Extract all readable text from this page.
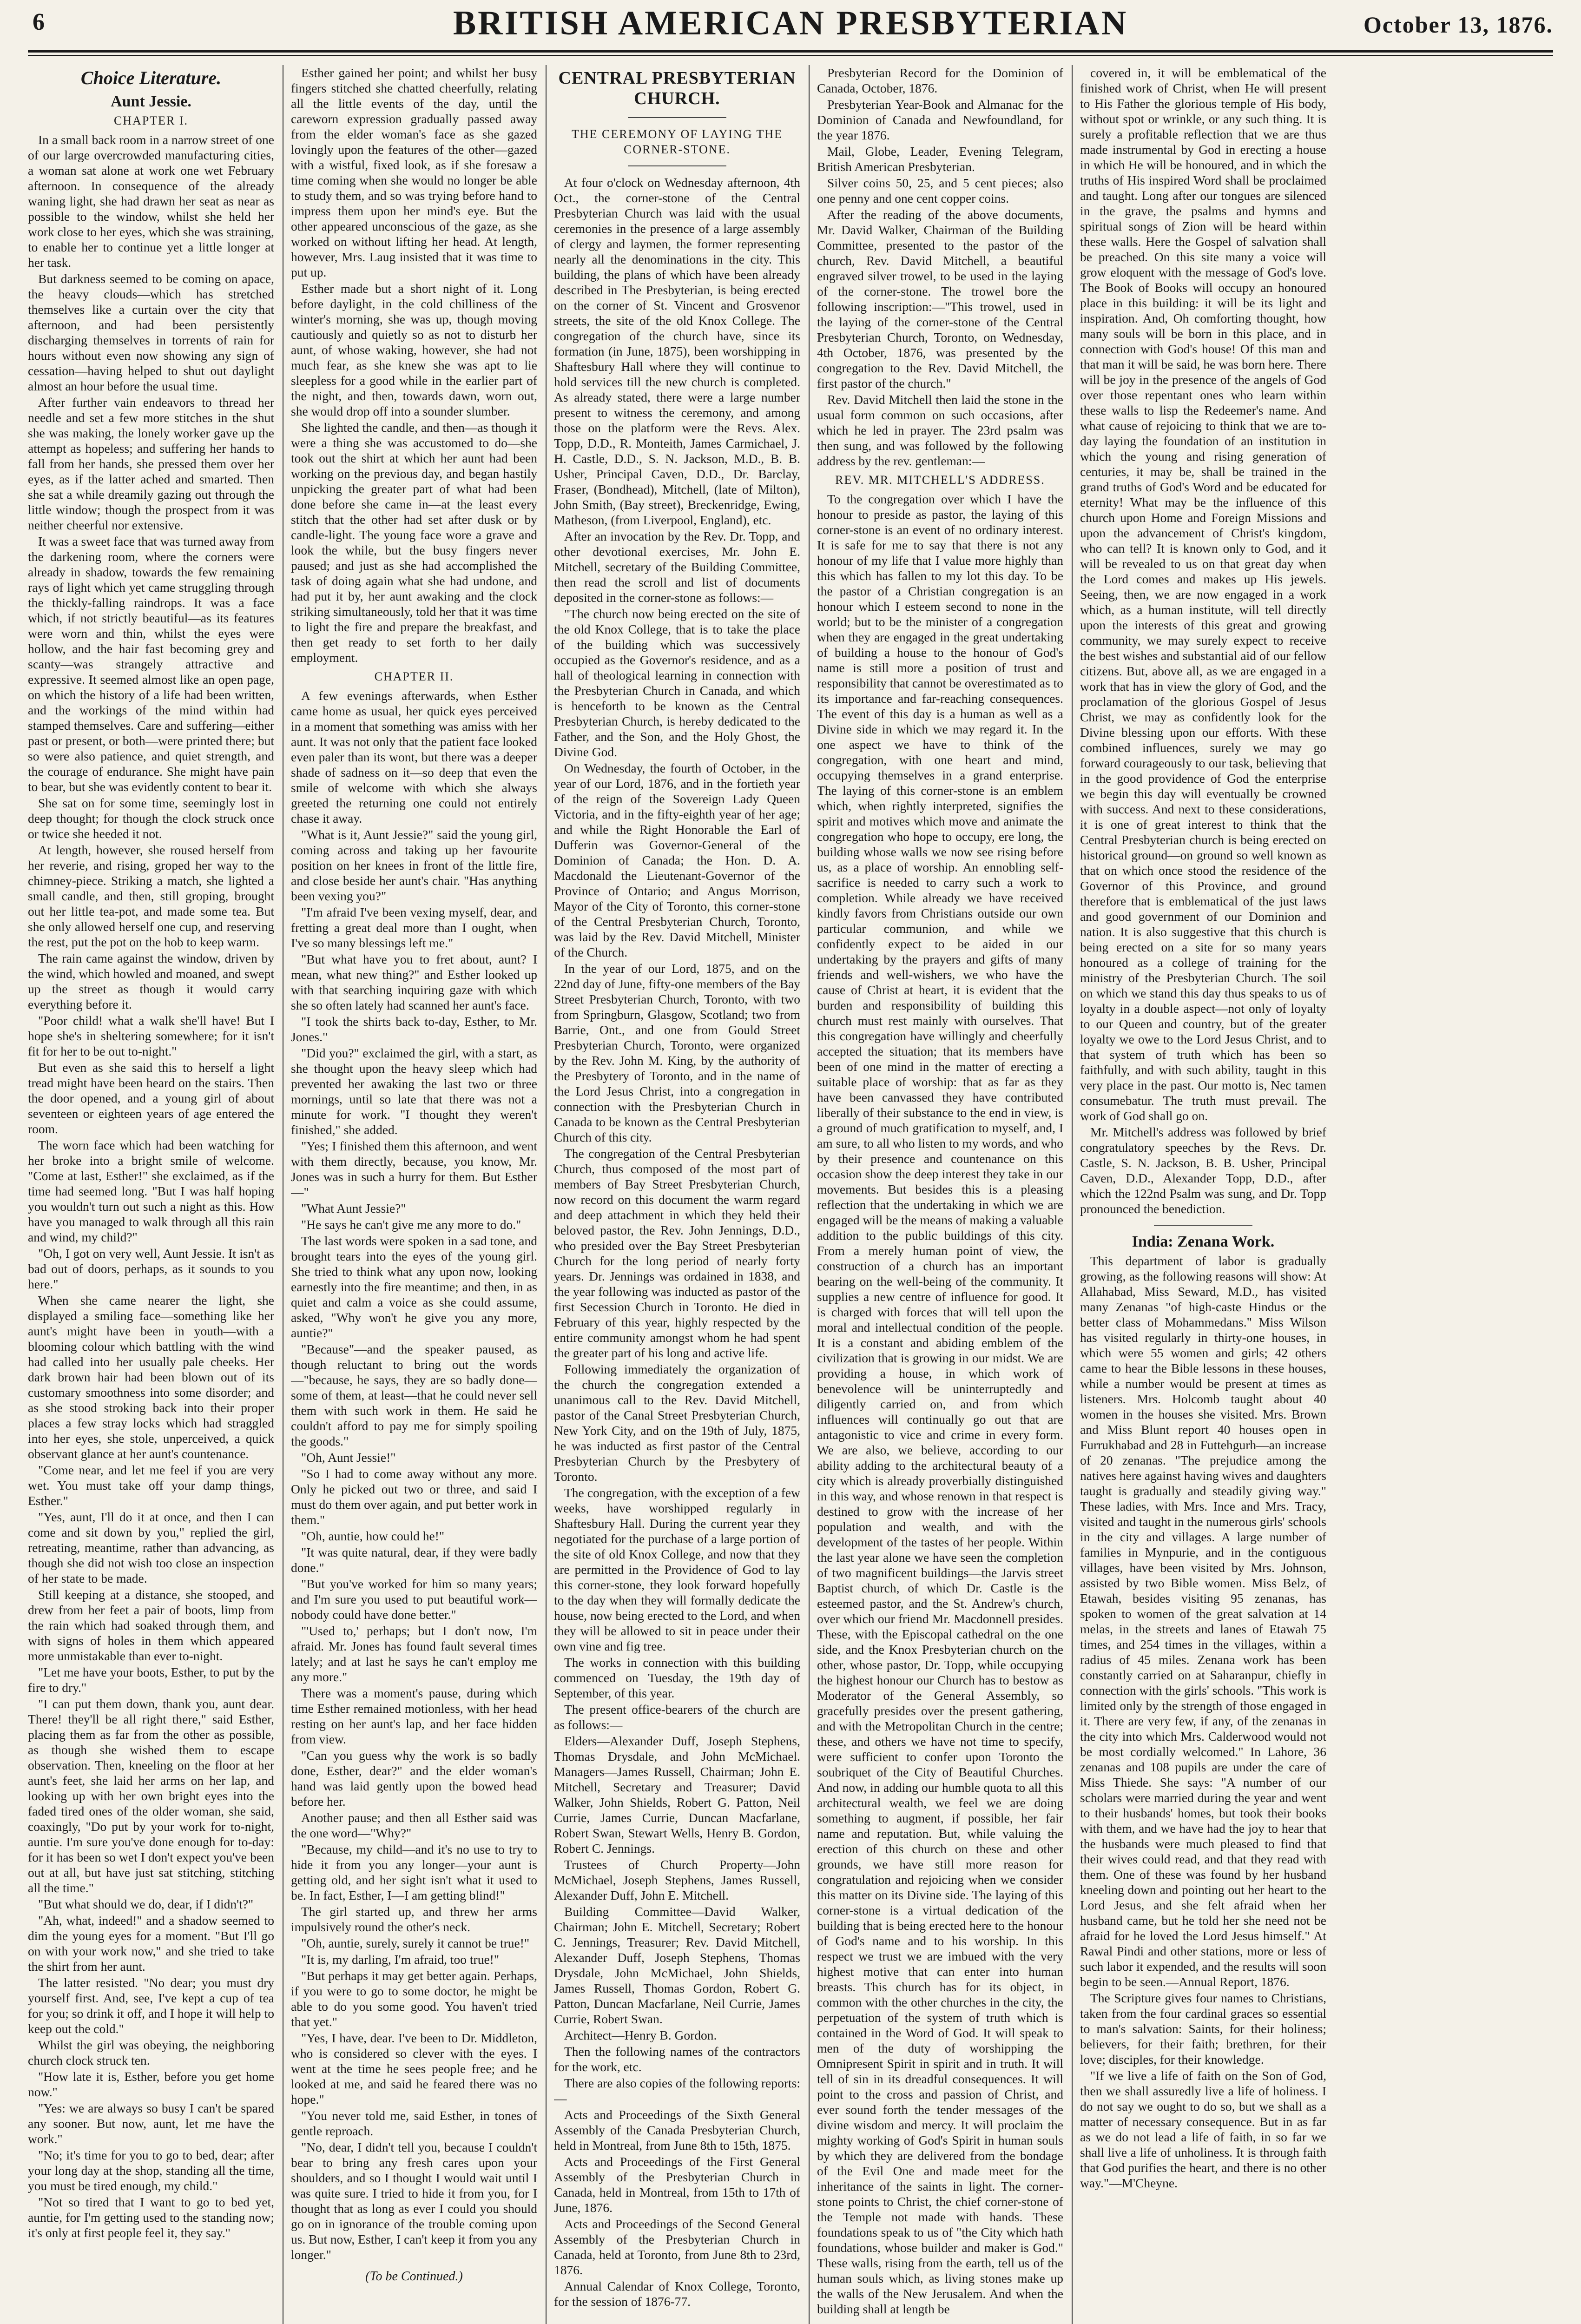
6	BRITISH AMERICAN PRESBYTERIAN	October 13, 1876.
Choice Literature.
Aunt Jessie.
CHAPTER I.

In a small back room in a narrow street of one of our large overcrowded manufacturing cities, a woman sat alone at work one wet February afternoon. In consequence of the already waning light, she had drawn her seat as near as possible to the window, whilst she held her work close to her eyes, which she was straining, to enable her to continue yet a little longer at her task.

But darkness seemed to be coming on apace, the heavy clouds—which has stretched themselves like a curtain over the city that afternoon, and had been persistently discharging themselves in torrents of rain for hours without even now showing any sign of cessation—having helped to shut out daylight almost an hour before the usual time.

After further vain endeavors to thread her needle and set a few more stitches in the shut she was making, the lonely worker gave up the attempt as hopeless; and suffering her hands to fall from her hands, she pressed them over her eyes, as if the latter ached and smarted. Then she sat a while dreamily gazing out through the little window; though the prospect from it was neither cheerful nor extensive.

It was a sweet face that was turned away from the darkening room, where the corners were already in shadow, towards the few remaining rays of light which yet came struggling through the thickly-falling raindrops. It was a face which, if not strictly beautiful—as its features were worn and thin, whilst the eyes were hollow, and the hair fast becoming grey and scanty—was strangely attractive and expressive. It seemed almost like an open page, on which the history of a life had been written, and the workings of the mind within had stamped themselves. Care and suffering—either past or present, or both—were printed there; but so were also patience, and quiet strength, and the courage of endurance. She might have pain to bear, but she was evidently content to bear it.

She sat on for some time, seemingly lost in deep thought; for though the clock struck once or twice she heeded it not.

At length, however, she roused herself from her reverie, and rising, groped her way to the chimney-piece. Striking a match, she lighted a small candle, and then, still groping, brought out her little tea-pot, and made some tea. But she only allowed herself one cup, and reserving the rest, put the pot on the hob to keep warm.

The rain came against the window, driven by the wind, which howled and moaned, and swept up the street as though it would carry everything before it.

"Poor child! what a walk she'll have! But I hope she's in sheltering somewhere; for it isn't fit for her to be out to-night."

But even as she said this to herself a light tread might have been heard on the stairs. Then the door opened, and a young girl of about seventeen or eighteen years of age entered the room.

The worn face which had been watching for her broke into a bright smile of welcome. "Come at last, Esther!" she exclaimed, as if the time had seemed long. "But I was half hoping you wouldn't turn out such a night as this. How have you managed to walk through all this rain and wind, my child?"

"Oh, I got on very well, Aunt Jessie. It isn't as bad out of doors, perhaps, as it sounds to you here."

When she came nearer the light, she displayed a smiling face—something like her aunt's might have been in youth—with a blooming colour which battling with the wind had called into her usually pale cheeks. Her dark brown hair had been blown out of its customary smoothness into some disorder; and as she stood stroking back into their proper places a few stray locks which had straggled into her eyes, she stole, unperceived, a quick observant glance at her aunt's countenance.

"Come near, and let me feel if you are very wet. You must take off your damp things, Esther."

"Yes, aunt, I'll do it at once, and then I can come and sit down by you," replied the girl, retreating, meantime, rather than advancing, as though she did not wish too close an inspection of her state to be made.

Still keeping at a distance, she stooped, and drew from her feet a pair of boots, limp from the rain which had soaked through them, and with signs of holes in them which appeared more unmistakable than ever to-night.

"Let me have your boots, Esther, to put by the fire to dry."

"I can put them down, thank you, aunt dear. There! they'll be all right there," said Esther, placing them as far from the other as possible, as though she wished them to escape observation. Then, kneeling on the floor at her aunt's feet, she laid her arms on her lap, and looking up with her own bright eyes into the faded tired ones of the older woman, she said, coaxingly, "Do put by your work for to-night, auntie. I'm sure you've done enough for to-day: for it has been so wet I don't expect you've been out at all, but have just sat stitching, stitching all the time."

"But what should we do, dear, if I didn't?"

"Ah, what, indeed!" and a shadow seemed to dim the young eyes for a moment. "But I'll go on with your work now," and she tried to take the shirt from her aunt.

The latter resisted. "No dear; you must dry yourself first. And, see, I've kept a cup of tea for you; so drink it off, and I hope it will help to keep out the cold."

Whilst the girl was obeying, the neighboring church clock struck ten.

"How late it is, Esther, before you get home now."

"Yes: we are always so busy I can't be spared any sooner. But now, aunt, let me have the work."

"No; it's time for you to go to bed, dear; after your long day at the shop, standing all the time, you must be tired enough, my child."

"Not so tired that I want to go to bed yet, auntie, for I'm getting used to the standing now; it's only at first people feel it, they say."

Esther gained her point; and whilst her busy fingers stitched she chatted cheerfully, relating all the little events of the day, until the careworn expression gradually passed away from the elder woman's face as she gazed lovingly upon the features of the other—gazed with a wistful, fixed look, as if she foresaw a time coming when she would no longer be able to study them, and so was trying before hand to impress them upon her mind's eye. But the other appeared unconscious of the gaze, as she worked on without lifting her head. At length, however, Mrs. Laug insisted that it was time to put up.

Esther made but a short night of it. Long before daylight, in the cold chilliness of the winter's morning, she was up, though moving cautiously and quietly so as not to disturb her aunt, of whose waking, however, she had not much fear, as she knew she was apt to lie sleepless for a good while in the earlier part of the night, and then, towards dawn, worn out, she would drop off into a sounder slumber.

She lighted the candle, and then—as though it were a thing she was accustomed to do—she took out the shirt at which her aunt had been working on the previous day, and began hastily unpicking the greater part of what had been done before she came in—at the least every stitch that the other had set after dusk or by candle-light. The young face wore a grave and look the while, but the busy fingers never paused; and just as she had accomplished the task of doing again what she had undone, and had put it by, her aunt awaking and the clock striking simultaneously, told her that it was time to light the fire and prepare the breakfast, and then get ready to set forth to her daily employment.

CHAPTER II.

A few evenings afterwards, when Esther came home as usual, her quick eyes perceived in a moment that something was amiss with her aunt. It was not only that the patient face looked even paler than its wont, but there was a deeper shade of sadness on it—so deep that even the smile of welcome with which she always greeted the returning one could not entirely chase it away.

"What is it, Aunt Jessie?" said the young girl, coming across and taking up her favourite position on her knees in front of the little fire, and close beside her aunt's chair. "Has anything been vexing you?"

"I'm afraid I've been vexing myself, dear, and fretting a great deal more than I ought, when I've so many blessings left me."

"But what have you to fret about, aunt? I mean, what new thing?" and Esther looked up with that searching inquiring gaze with which she so often lately had scanned her aunt's face.

"I took the shirts back to-day, Esther, to Mr. Jones."

"Did you?" exclaimed the girl, with a start, as she thought upon the heavy sleep which had prevented her awaking the last two or three mornings, until so late that there was not a minute for work. "I thought they weren't finished," she added.

"Yes; I finished them this afternoon, and went with them directly, because, you know, Mr. Jones was in such a hurry for them. But Esther—"

"What Aunt Jessie?"

"He says he can't give me any more to do."

The last words were spoken in a sad tone, and brought tears into the eyes of the young girl. She tried to think what any upon now, looking earnestly into the fire meantime; and then, in as quiet and calm a voice as she could assume, asked, "Why won't he give you any more, auntie?"

"Because"—and the speaker paused, as though reluctant to bring out the words—"because, he says, they are so badly done—some of them, at least—that he could never sell them with such work in them. He said he couldn't afford to pay me for simply spoiling the goods."

"Oh, Aunt Jessie!"

"So I had to come away without any more. Only he picked out two or three, and said I must do them over again, and put better work in them."

"Oh, auntie, how could he!"

"It was quite natural, dear, if they were badly done."

"But you've worked for him so many years; and I'm sure you used to put beautiful work—nobody could have done better."

"'Used to,' perhaps; but I don't now, I'm afraid. Mr. Jones has found fault several times lately; and at last he says he can't employ me any more."

There was a moment's pause, during which time Esther remained motionless, with her head resting on her aunt's lap, and her face hidden from view.

"Can you guess why the work is so badly done, Esther, dear?" and the elder woman's hand was laid gently upon the bowed head before her.

Another pause; and then all Esther said was the one word—"Why?"

"Because, my child—and it's no use to try to hide it from you any longer—your aunt is getting old, and her sight isn't what it used to be. In fact, Esther, I—I am getting blind!"

The girl started up, and threw her arms impulsively round the other's neck.

"Oh, auntie, surely, surely it cannot be true!"

"It is, my darling, I'm afraid, too true!"

"But perhaps it may get better again. Perhaps, if you were to go to some doctor, he might be able to do you some good. You haven't tried that yet."

"Yes, I have, dear. I've been to Dr. Middleton, who is considered so clever with the eyes. I went at the time he sees people free; and he looked at me, and said he feared there was no hope."

"You never told me, said Esther, in tones of gentle reproach.

"No, dear, I didn't tell you, because I couldn't bear to bring any fresh cares upon your shoulders, and so I thought I would wait until I was quite sure. I tried to hide it from you, for I thought that as long as ever I could you should go on in ignorance of the trouble coming upon us. But now, Esther, I can't keep it from you any longer."

(To be Continued.)
CENTRAL PRESBYTERIAN CHURCH.
THE CEREMONY OF LAYING THE CORNER-STONE.

At four o'clock on Wednesday afternoon, 4th Oct., the corner-stone of the Central Presbyterian Church was laid with the usual ceremonies in the presence of a large assembly of clergy and laymen, the former representing nearly all the denominations in the city. This building, the plans of which have been already described in The Presbyterian, is being erected on the corner of St. Vincent and Grosvenor streets, the site of the old Knox College. The congregation of the church have, since its formation (in June, 1875), been worshipping in Shaftesbury Hall where they will continue to hold services till the new church is completed. As already stated, there were a large number present to witness the ceremony, and among those on the platform were the Revs. Alex. Topp, D.D., R. Monteith, James Carmichael, J. H. Castle, D.D., S. N. Jackson, M.D., B. B. Usher, Principal Caven, D.D., Dr. Barclay, Fraser, (Bondhead), Mitchell, (late of Milton), John Smith, (Bay street), Breckenridge, Ewing, Matheson, (from Liverpool, England), etc.

After an invocation by the Rev. Dr. Topp, and other devotional exercises, Mr. John E. Mitchell, secretary of the Building Committee, then read the scroll and list of documents deposited in the corner-stone as follows:—

"The church now being erected on the site of the old Knox College, that is to take the place of the building which was successively occupied as the Governor's residence, and as a hall of theological learning in connection with the Presbyterian Church in Canada, and which is henceforth to be known as the Central Presbyterian Church, is hereby dedicated to the Father, and the Son, and the Holy Ghost, the Divine God.

On Wednesday, the fourth of October, in the year of our Lord, 1876, and in the fortieth year of the reign of the Sovereign Lady Queen Victoria, and in the fifty-eighth year of her age; and while the Right Honorable the Earl of Dufferin was Governor-General of the Dominion of Canada; the Hon. D. A. Macdonald the Lieutenant-Governor of the Province of Ontario; and Angus Morrison, Mayor of the City of Toronto, this corner-stone of the Central Presbyterian Church, Toronto, was laid by the Rev. David Mitchell, Minister of the Church.

In the year of our Lord, 1875, and on the 22nd day of June, fifty-one members of the Bay Street Presbyterian Church, Toronto, with two from Springburn, Glasgow, Scotland; two from Barrie, Ont., and one from Gould Street Presbyterian Church, Toronto, were organized by the Rev. John M. King, by the authority of the Presbytery of Toronto, and in the name of the Lord Jesus Christ, into a congregation in connection with the Presbyterian Church in Canada to be known as the Central Presbyterian Church of this city.

The congregation of the Central Presbyterian Church, thus composed of the most part of members of Bay Street Presbyterian Church, now record on this document the warm regard and deep attachment in which they held their beloved pastor, the Rev. John Jennings, D.D., who presided over the Bay Street Presbyterian Church for the long period of nearly forty years. Dr. Jennings was ordained in 1838, and the year following was inducted as pastor of the first Secession Church in Toronto. He died in February of this year, highly respected by the entire community amongst whom he had spent the greater part of his long and active life.

Following immediately the organization of the church the congregation extended a unanimous call to the Rev. David Mitchell, pastor of the Canal Street Presbyterian Church, New York City, and on the 19th of July, 1875, he was inducted as first pastor of the Central Presbyterian Church by the Presbytery of Toronto.

The congregation, with the exception of a few weeks, have worshipped regularly in Shaftesbury Hall. During the current year they negotiated for the purchase of a large portion of the site of old Knox College, and now that they are permitted in the Providence of God to lay this corner-stone, they look forward hopefully to the day when they will formally dedicate the house, now being erected to the Lord, and when they will be allowed to sit in peace under their own vine and fig tree.

The works in connection with this building commenced on Tuesday, the 19th day of September, of this year.

The present office-bearers of the church are as follows:—

Elders—Alexander Duff, Joseph Stephens, Thomas Drysdale, and John McMichael. Managers—James Russell, Chairman; John E. Mitchell, Secretary and Treasurer; David Walker, John Shields, Robert G. Patton, Neil Currie, James Currie, Duncan Macfarlane, Robert Swan, Stewart Wells, Henry B. Gordon, Robert C. Jennings.

Trustees of Church Property—John McMichael, Joseph Stephens, James Russell, Alexander Duff, John E. Mitchell.

Building Committee—David Walker, Chairman; John E. Mitchell, Secretary; Robert C. Jennings, Treasurer; Rev. David Mitchell, Alexander Duff, Joseph Stephens, Thomas Drysdale, John McMichael, John Shields, James Russell, Thomas Gordon, Robert G. Patton, Duncan Macfarlane, Neil Currie, James Currie, Robert Swan.

Architect—Henry B. Gordon.

Then the following names of the contractors for the work, etc.

There are also copies of the following reports:—

Acts and Proceedings of the Sixth General Assembly of the Canada Presbyterian Church, held in Montreal, from June 8th to 15th, 1875.

Acts and Proceedings of the First General Assembly of the Presbyterian Church in Canada, held in Montreal, from 15th to 17th of June, 1876.

Acts and Proceedings of the Second General Assembly of the Presbyterian Church in Canada, held at Toronto, from June 8th to 23rd, 1876.

Annual Calendar of Knox College, Toronto, for the session of 1876-77.

Presbyterian Record for the Dominion of Canada, October, 1876.

Presbyterian Year-Book and Almanac for the Dominion of Canada and Newfoundland, for the year 1876.

Mail, Globe, Leader, Evening Telegram, British American Presbyterian.

Silver coins 50, 25, and 5 cent pieces; also one penny and one cent copper coins.

After the reading of the above documents, Mr. David Walker, Chairman of the Building Committee, presented to the pastor of the church, Rev. David Mitchell, a beautiful engraved silver trowel, to be used in the laying of the corner-stone. The trowel bore the following inscription:—"This trowel, used in the laying of the corner-stone of the Central Presbyterian Church, Toronto, on Wednesday, 4th October, 1876, was presented by the congregation to the Rev. David Mitchell, the first pastor of the church."

Rev. David Mitchell then laid the stone in the usual form common on such occasions, after which he led in prayer. The 23rd psalm was then sung, and was followed by the following address by the rev. gentleman:—

REV. MR. MITCHELL'S ADDRESS.

To the congregation over which I have the honour to preside as pastor, the laying of this corner-stone is an event of no ordinary interest. It is safe for me to say that there is not any honour of my life that I value more highly than this which has fallen to my lot this day. To be the pastor of a Christian congregation is an honour which I esteem second to none in the world; but to be the minister of a congregation when they are engaged in the great undertaking of building a house to the honour of God's name is still more a position of trust and responsibility that cannot be overestimated as to its importance and far-reaching consequences. The event of this day is a human as well as a Divine side in which we may regard it. In the one aspect we have to think of the congregation, with one heart and mind, occupying themselves in a grand enterprise. The laying of this corner-stone is an emblem which, when rightly interpreted, signifies the spirit and motives which move and animate the congregation who hope to occupy, ere long, the building whose walls we now see rising before us, as a place of worship. An ennobling self-sacrifice is needed to carry such a work to completion. While already we have received kindly favors from Christians outside our own particular communion, and while we confidently expect to be aided in our undertaking by the prayers and gifts of many friends and well-wishers, we who have the cause of Christ at heart, it is evident that the burden and responsibility of building this church must rest mainly with ourselves. That this congregation have willingly and cheerfully accepted the situation; that its members have been of one mind in the matter of erecting a suitable place of worship: that as far as they have been canvassed they have contributed liberally of their substance to the end in view, is a ground of much gratification to myself, and, I am sure, to all who listen to my words, and who by their presence and countenance on this occasion show the deep interest they take in our movements. But besides this is a pleasing reflection that the undertaking in which we are engaged will be the means of making a valuable addition to the public buildings of this city. From a merely human point of view, the construction of a church has an important bearing on the well-being of the community. It supplies a new centre of influence for good. It is charged with forces that will tell upon the moral and intellectual condition of the people. It is a constant and abiding emblem of the civilization that is growing in our midst. We are providing a house, in which work of benevolence will be uninterruptedly and diligently carried on, and from which influences will continually go out that are antagonistic to vice and crime in every form. We are also, we believe, according to our ability adding to the architectural beauty of a city which is already proverbially distinguished in this way, and whose renown in that respect is destined to grow with the increase of her population and wealth, and with the development of the tastes of her people. Within the last year alone we have seen the completion of two magnificent buildings—the Jarvis street Baptist church, of which Dr. Castle is the esteemed pastor, and the St. Andrew's church, over which our friend Mr. Macdonnell presides. These, with the Episcopal cathedral on the one side, and the Knox Presbyterian church on the other, whose pastor, Dr. Topp, while occupying the highest honour our Church has to bestow as Moderator of the General Assembly, so gracefully presides over the present gathering, and with the Metropolitan Church in the centre; these, and others we have not time to specify, were sufficient to confer upon Toronto the soubriquet of the City of Beautiful Churches. And now, in adding our humble quota to all this architectural wealth, we feel we are doing something to augment, if possible, her fair name and reputation. But, while valuing the erection of this church on these and other grounds, we have still more reason for congratulation and rejoicing when we consider this matter on its Divine side. The laying of this corner-stone is a virtual dedication of the building that is being erected here to the honour of God's name and to his worship. In this respect we trust we are imbued with the very highest motive that can enter into human breasts. This church has for its object, in common with the other churches in the city, the perpetuation of the system of truth which is contained in the Word of God. It will speak to men of the duty of worshipping the Omnipresent Spirit in spirit and in truth. It will tell of sin in its dreadful consequences. It will point to the cross and passion of Christ, and ever sound forth the tender messages of the divine wisdom and mercy. It will proclaim the mighty working of God's Spirit in human souls by which they are delivered from the bondage of the Evil One and made meet for the inheritance of the saints in light. The corner-stone points to Christ, the chief corner-stone of the Temple not made with hands. These foundations speak to us of "the City which hath foundations, whose builder and maker is God." These walls, rising from the earth, tell us of the human souls which, as living stones make up the walls of the New Jerusalem. And when the building shall at length be

covered in, it will be emblematical of the finished work of Christ, when He will present to His Father the glorious temple of His body, without spot or wrinkle, or any such thing. It is surely a profitable reflection that we are thus made instrumental by God in erecting a house in which He will be honoured, and in which the truths of His inspired Word shall be proclaimed and taught. Long after our tongues are silenced in the grave, the psalms and hymns and spiritual songs of Zion will be heard within these walls. Here the Gospel of salvation shall be preached. On this site many a voice will grow eloquent with the message of God's love. The Book of Books will occupy an honoured place in this building: it will be its light and inspiration. And, Oh comforting thought, how many souls will be born in this place, and in connection with God's house! Of this man and that man it will be said, he was born here. There will be joy in the presence of the angels of God over those repentant ones who learn within these walls to lisp the Redeemer's name. And what cause of rejoicing to think that we are to-day laying the foundation of an institution in which the young and rising generation of centuries, it may be, shall be trained in the grand truths of God's Word and be educated for eternity! What may be the influence of this church upon Home and Foreign Missions and upon the advancement of Christ's kingdom, who can tell? It is known only to God, and it will be revealed to us on that great day when the Lord comes and makes up His jewels. Seeing, then, we are now engaged in a work which, as a human institute, will tell directly upon the interests of this great and growing community, we may surely expect to receive the best wishes and substantial aid of our fellow citizens. But, above all, as we are engaged in a work that has in view the glory of God, and the proclamation of the glorious Gospel of Jesus Christ, we may as confidently look for the Divine blessing upon our efforts. With these combined influences, surely we may go forward courageously to our task, believing that in the good providence of God the enterprise we begin this day will eventually be crowned with success. And next to these considerations, it is one of great interest to think that the Central Presbyterian church is being erected on historical ground—on ground so well known as that on which once stood the residence of the Governor of this Province, and ground therefore that is emblematical of the just laws and good government of our Dominion and nation. It is also suggestive that this church is being erected on a site for so many years honoured as a college of training for the ministry of the Presbyterian Church. The soil on which we stand this day thus speaks to us of loyalty in a double aspect—not only of loyalty to our Queen and country, but of the greater loyalty we owe to the Lord Jesus Christ, and to that system of truth which has been so faithfully, and with such ability, taught in this very place in the past. Our motto is, Nec tamen consumebatur. The truth must prevail. The work of God shall go on.

Mr. Mitchell's address was followed by brief congratulatory speeches by the Revs. Dr. Castle, S. N. Jackson, B. B. Usher, Principal Caven, D.D., Alexander Topp, D.D., after which the 122nd Psalm was sung, and Dr. Topp pronounced the benediction.

India: Zenana Work.

This department of labor is gradually growing, as the following reasons will show: At Allahabad, Miss Seward, M.D., has visited many Zenanas "of high-caste Hindus or the better class of Mohammedans." Miss Wilson has visited regularly in thirty-one houses, in which were 55 women and girls; 42 others came to hear the Bible lessons in these houses, while a number would be present at times as listeners. Mrs. Holcomb taught about 40 women in the houses she visited. Mrs. Brown and Miss Blunt report 40 houses open in Furrukhabad and 28 in Futtehgurh—an increase of 20 zenanas. "The prejudice among the natives here against having wives and daughters taught is gradually and steadily giving way." These ladies, with Mrs. Ince and Mrs. Tracy, visited and taught in the numerous girls' schools in the city and villages. A large number of families in Mynpurie, and in the contiguous villages, have been visited by Mrs. Johnson, assisted by two Bible women. Miss Belz, of Etawah, besides visiting 95 zenanas, has spoken to women of the great salvation at 14 melas, in the streets and lanes of Etawah 75 times, and 254 times in the villages, within a radius of 45 miles. Zenana work has been constantly carried on at Saharanpur, chiefly in connection with the girls' schools. "This work is limited only by the strength of those engaged in it. There are very few, if any, of the zenanas in the city into which Mrs. Calderwood would not be most cordially welcomed." In Lahore, 36 zenanas and 108 pupils are under the care of Miss Thiede. She says: "A number of our scholars were married during the year and went to their husbands' homes, but took their books with them, and we have had the joy to hear that the husbands were much pleased to find that their wives could read, and that they read with them. One of these was found by her husband kneeling down and pointing out her heart to the Lord Jesus, and she felt afraid when her husband came, but he told her she need not be afraid for he loved the Lord Jesus himself." At Rawal Pindi and other stations, more or less of such labor it expended, and the results will soon begin to be seen.—Annual Report, 1876.

The Scripture gives four names to Christians, taken from the four cardinal graces so essential to man's salvation: Saints, for their holiness; believers, for their faith; brethren, for their love; disciples, for their knowledge.

"If we live a life of faith on the Son of God, then we shall assuredly live a life of holiness. I do not say we ought to do so, but we shall as a matter of necessary consequence. But in as far as we do not lead a life of faith, in so far we shall live a life of unholiness. It is through faith that God purifies the heart, and there is no other way."—M'Cheyne.
